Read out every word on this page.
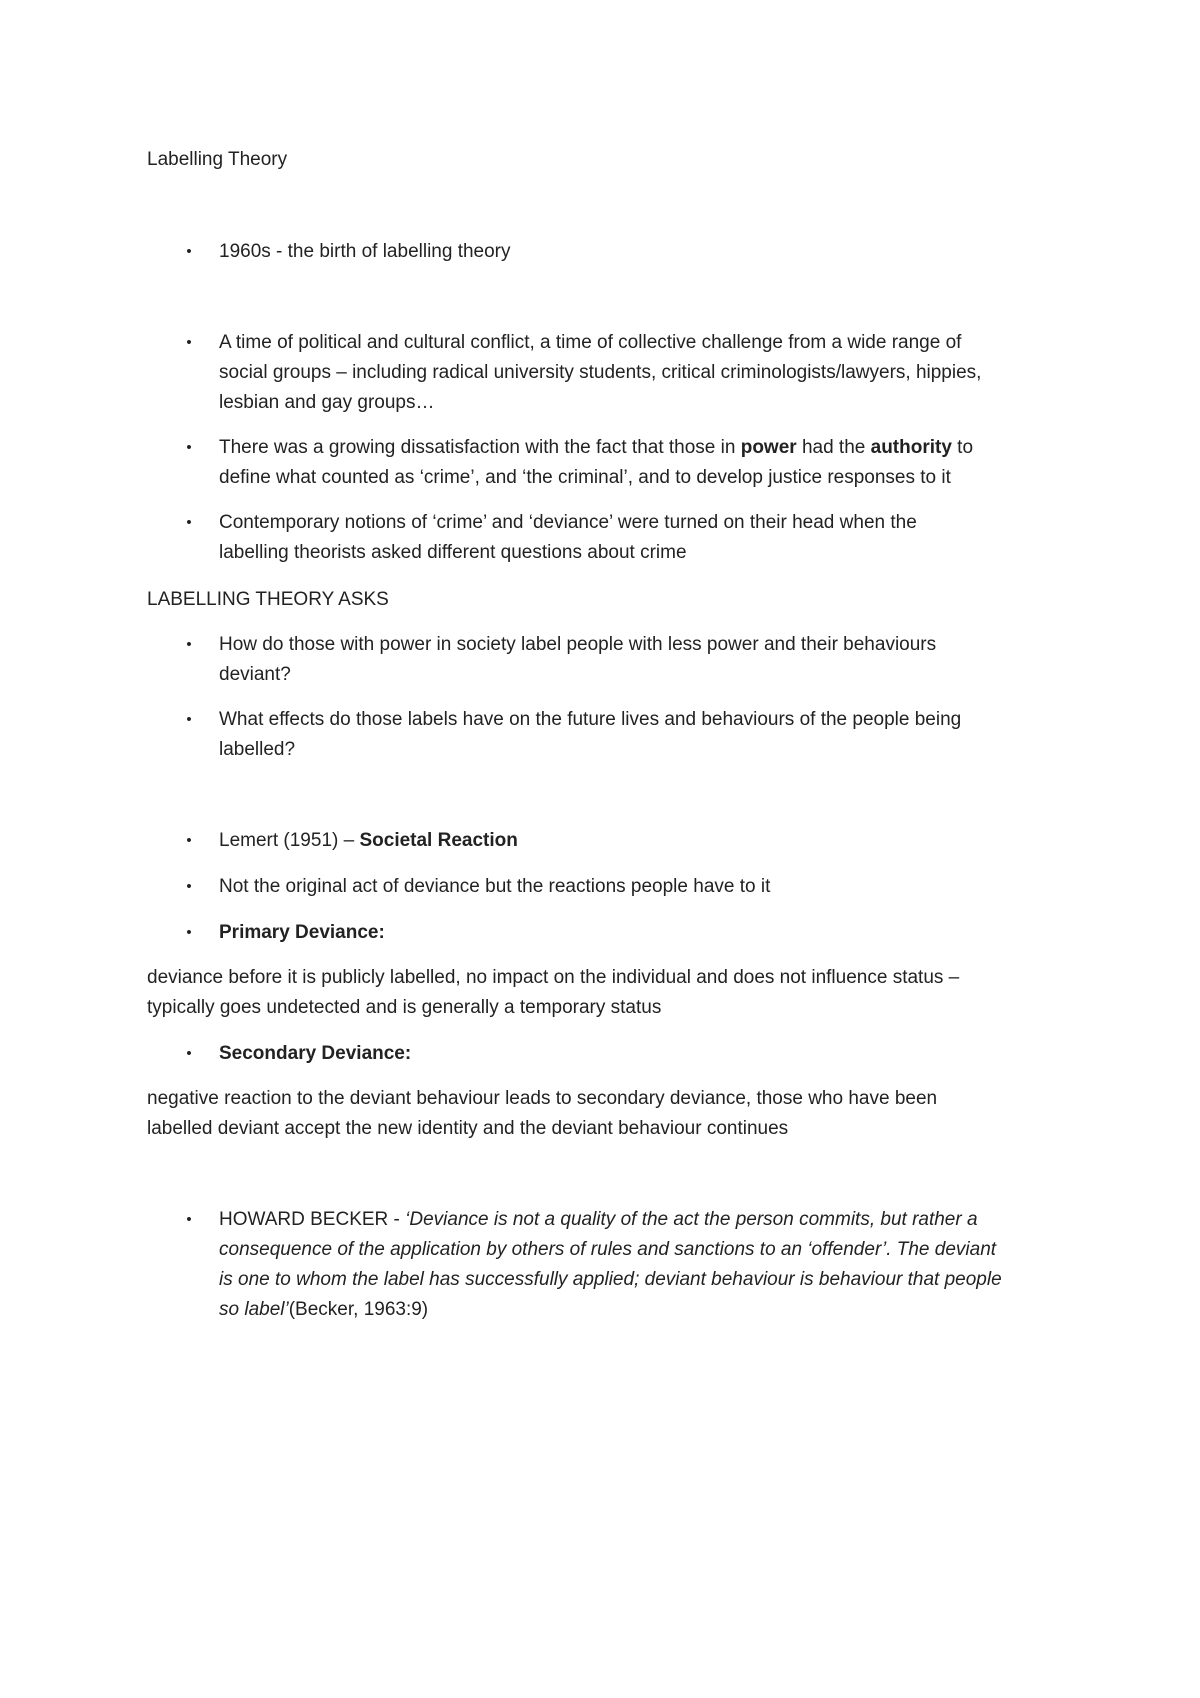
Labelling Theory
• 1960s - the birth of labelling theory
• A time of political and cultural conflict, a time of collective challenge from a wide range of
social groups – including radical university students, critical criminologists/lawyers, hippies,
lesbian and gay groups…
• There was a growing dissatisfaction with the fact that those in power had the authority to
define what counted as ‘crime’, and ‘the criminal’, and to develop justice responses to it
• Contemporary notions of ‘crime’ and ‘deviance’ were turned on their head when the
labelling theorists asked different questions about crime
LABELLING THEORY ASKS
• How do those with power in society label people with less power and their behaviours
deviant?
• What effects do those labels have on the future lives and behaviours of the people being
labelled?
• Lemert (1951) – Societal Reaction
• Not the original act of deviance but the reactions people have to it
• Primary Deviance:
deviance before it is publicly labelled, no impact on the individual and does not influence status –
typically goes undetected and is generally a temporary status
• Secondary Deviance:
negative reaction to the deviant behaviour leads to secondary deviance, those who have been
labelled deviant accept the new identity and the deviant behaviour continues
• HOWARD BECKER - ‘Deviance is not a quality of the act the person commits, but rather a
consequence of the application by others of rules and sanctions to an ‘offender’. The deviant
is one to whom the label has successfully applied; deviant behaviour is behaviour that people
so label’(Becker, 1963:9)
